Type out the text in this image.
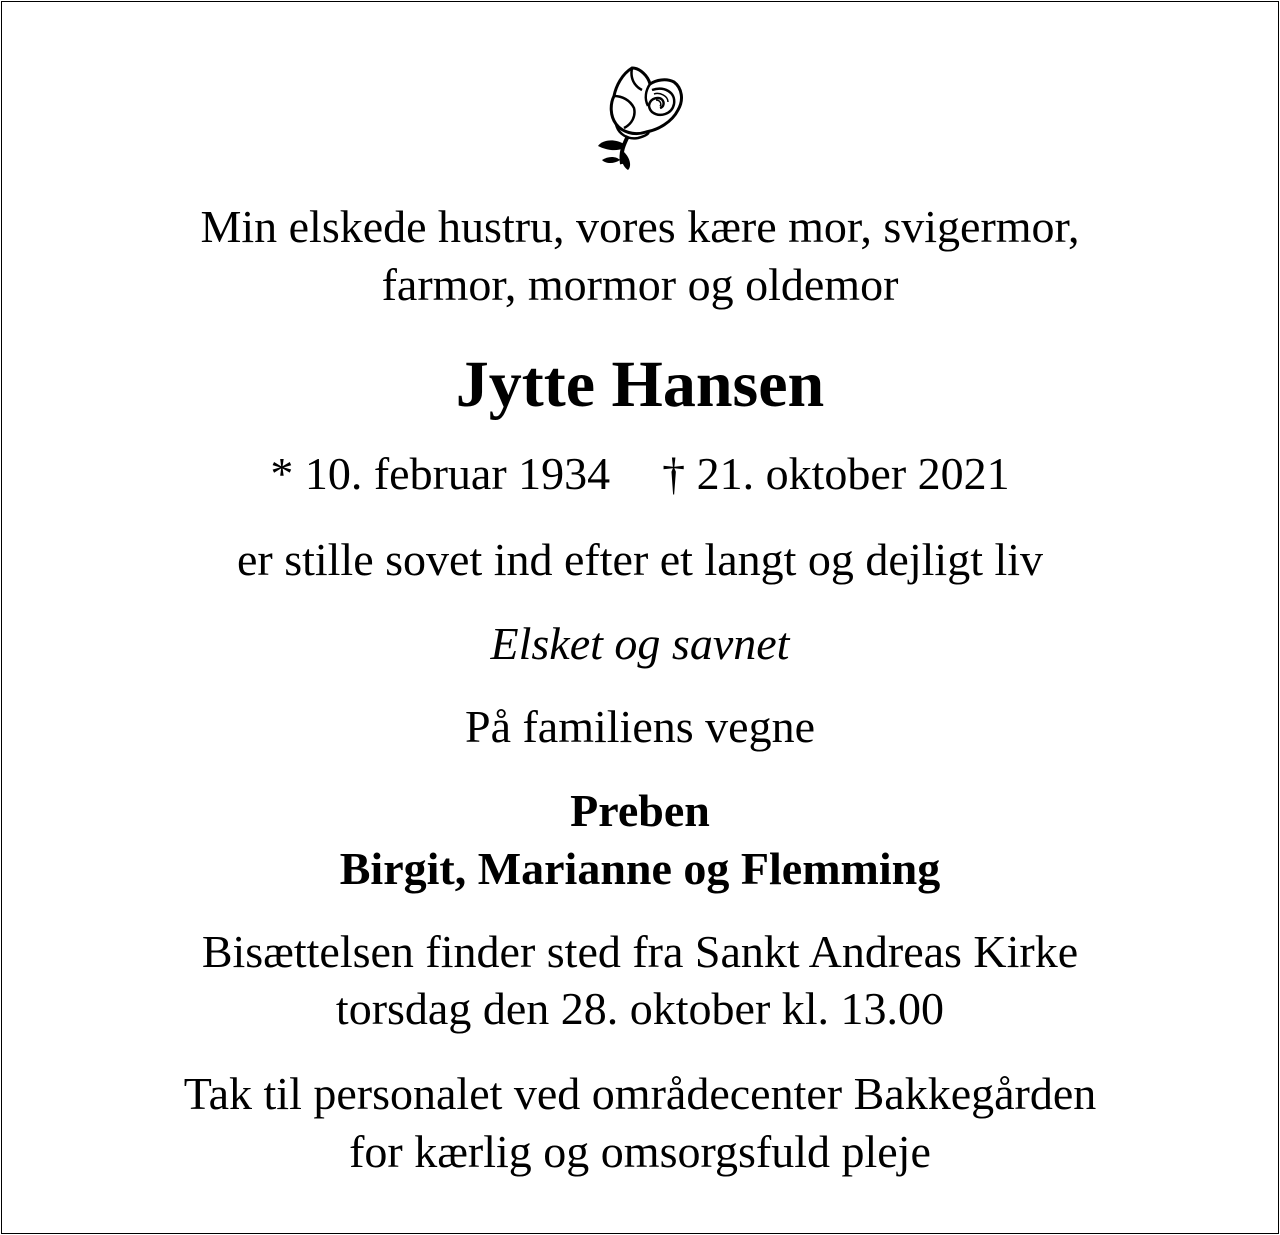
Min elskede hustru, vores kære mor, svigermor,
farmor, mormor og oldemor
Jytte Hansen
* 10. februar 1934 † 21. oktober 2021
er stille sovet ind efter et langt og dejligt liv
Elsket og savnet
På familiens vegne
Preben
Birgit, Marianne og Flemming
Bisættelsen finder sted fra Sankt Andreas Kirke
torsdag den 28. oktober kl. 13.00
Tak til personalet ved områdecenter Bakkegården
for kærlig og omsorgsfuld pleje
